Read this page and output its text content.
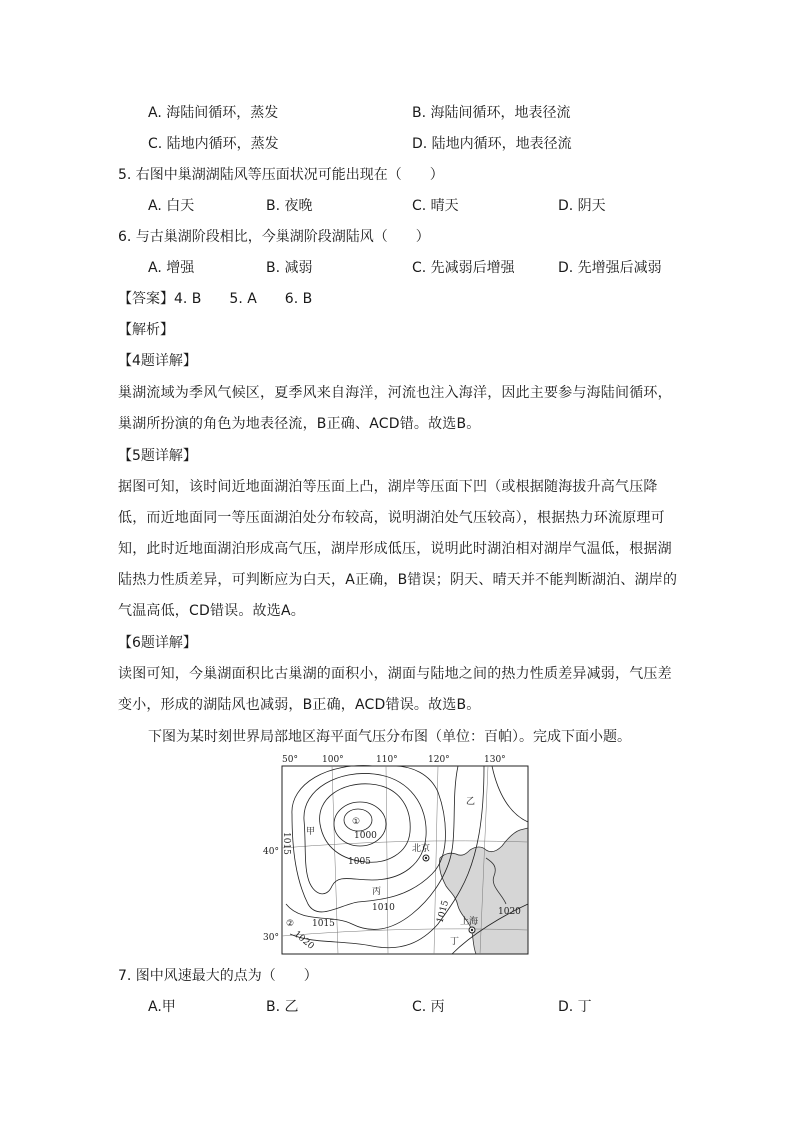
A. 海陆间循环，蒸发	B. 海陆间循环，地表径流
C. 陆地内循环，蒸发	D. 陆地内循环，地表径流
5. 右图中巢湖湖陆风等压面状况可能出现在（　　）
A. 白天	B. 夜晚	C. 晴天	D. 阴天
6. 与古巢湖阶段相比，今巢湖阶段湖陆风（　　）
A. 增强	B. 减弱	C. 先减弱后增强	D. 先增强后减弱
【答案】4. B　　5. A　　6. B
【解析】
【4题详解】
巢湖流域为季风气候区，夏季风来自海洋，河流也注入海洋，因此主要参与海陆间循环，巢湖所扮演的角色为地表径流，B正确、ACD错。故选B。
【5题详解】
据图可知，该时间近地面湖泊等压面上凸，湖岸等压面下凹（或根据随海拔升高气压降低，而近地面同一等压面湖泊处分布较高，说明湖泊处气压较高），根据热力环流原理可知，此时近地面湖泊形成高气压，湖岸形成低压，说明此时湖泊相对湖岸气温低，根据湖陆热力性质差异，可判断应为白天，A正确，B错误；阴天、晴天并不能判断湖泊、湖岸的气温高低，CD错误。故选A。
【6题详解】
读图可知，今巢湖面积比古巢湖的面积小，湖面与陆地之间的热力性质差异减弱，气压差变小，形成的湖陆风也减弱，B正确，ACD错误。故选B。
下图为某时刻世界局部地区海平面气压分布图（单位：百帕）。完成下面小题。
50°	100°	110°	120°	130°
40°
30°
1000
1005
1010
1015
1015	1015	1020
1020
①
②
甲
乙
丙
丁
北京
上海
7. 图中风速最大的点为（　　）
A.甲	B. 乙	C. 丙	D. 丁
